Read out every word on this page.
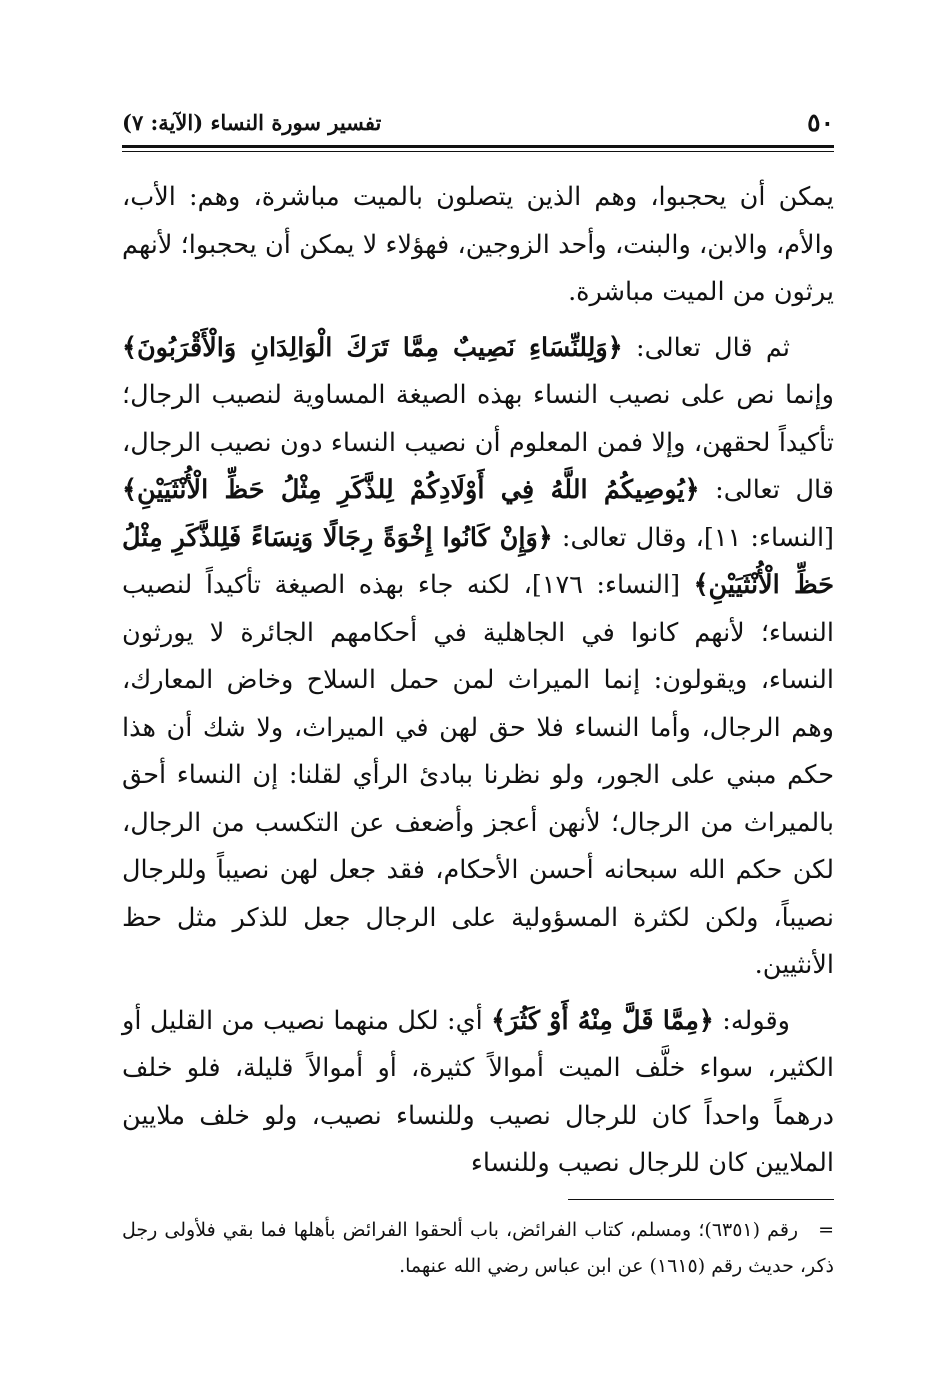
٥٠
تفسير سورة النساء (الآية: ٧)

يمكن أن يحجبوا، وهم الذين يتصلون بالميت مباشرة، وهم: الأب، والأم، والابن، والبنت، وأحد الزوجين، فهؤلاء لا يمكن أن يحجبوا؛ لأنهم يرثون من الميت مباشرة.

ثم قال تعالى: ﴿وَلِلنِّسَاءِ نَصِيبٌ مِمَّا تَرَكَ الْوَالِدَانِ وَالْأَقْرَبُونَ﴾ وإنما نص على نصيب النساء بهذه الصيغة المساوية لنصيب الرجال؛ تأكيداً لحقهن، وإلا فمن المعلوم أن نصيب النساء دون نصيب الرجال، قال تعالى: ﴿يُوصِيكُمُ اللَّهُ فِي أَوْلَادِكُمْ لِلذَّكَرِ مِثْلُ حَظِّ الْأُنْثَيَيْنِ﴾ [النساء: ١١]، وقال تعالى: ﴿وَإِنْ كَانُوا إِخْوَةً رِجَالًا وَنِسَاءً فَلِلذَّكَرِ مِثْلُ حَظِّ الْأُنْثَيَيْنِ﴾ [النساء: ١٧٦]، لكنه جاء بهذه الصيغة تأكيداً لنصيب النساء؛ لأنهم كانوا في الجاهلية في أحكامهم الجائرة لا يورثون النساء، ويقولون: إنما الميراث لمن حمل السلاح وخاض المعارك، وهم الرجال، وأما النساء فلا حق لهن في الميراث، ولا شك أن هذا حكم مبني على الجور، ولو نظرنا ببادئ الرأي لقلنا: إن النساء أحق بالميراث من الرجال؛ لأنهن أعجز وأضعف عن التكسب من الرجال، لكن حكم الله سبحانه أحسن الأحكام، فقد جعل لهن نصيباً وللرجال نصيباً، ولكن لكثرة المسؤولية على الرجال جعل للذكر مثل حظ الأنثيين.

وقوله: ﴿مِمَّا قَلَّ مِنْهُ أَوْ كَثُرَ﴾ أي: لكل منهما نصيب من القليل أو الكثير، سواء خلَّف الميت أموالاً كثيرة، أو أموالاً قليلة، فلو خلف درهماً واحداً كان للرجال نصيب وللنساء نصيب، ولو خلف ملايين الملايين كان للرجال نصيب وللنساء

=رقم (٦٣٥١)؛ ومسلم، كتاب الفرائض، باب ألحقوا الفرائض بأهلها فما بقي فلأولى رجل ذكر، حديث رقم (١٦١٥) عن ابن عباس رضي الله عنهما.
